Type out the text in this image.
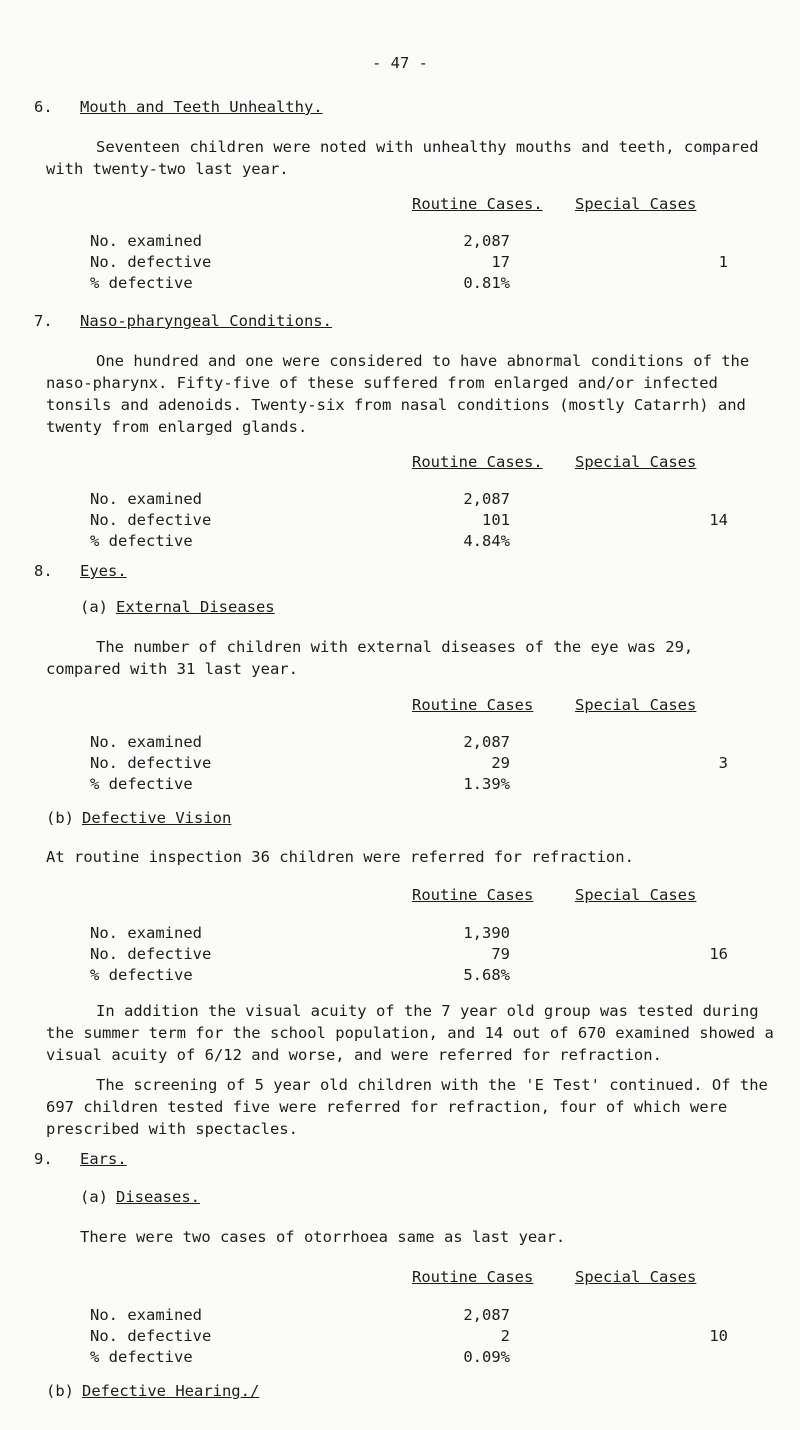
- 47 -
6. Mouth and Teeth Unhealthy.
Seventeen children were noted with unhealthy mouths and teeth, compared with twenty-two last year.
Routine Cases. Special Cases
No. examined	2,087
No. defective	17	1
% defective	0.81%
7. Naso-pharyngeal Conditions.
One hundred and one were considered to have abnormal conditions of the naso-pharynx. Fifty-five of these suffered from enlarged and/or infected tonsils and adenoids. Twenty-six from nasal conditions (mostly Catarrh) and twenty from enlarged glands.
Routine Cases. Special Cases
No. examined	2,087
No. defective	101	14
% defective	4.84%
8. Eyes.
(a) External Diseases
The number of children with external diseases of the eye was 29, compared with 31 last year.
Routine Cases	Special Cases
No. examined	2,087
No. defective	29	3
% defective	1.39%
(b) Defective Vision
At routine inspection 36 children were referred for refraction.
Routine Cases	Special Cases
No. examined	1,390
No. defective	79	16
% defective	5.68%
In addition the visual acuity of the 7 year old group was tested during the summer term for the school population, and 14 out of 670 examined showed a visual acuity of 6/12 and worse, and were referred for refraction.
The screening of 5 year old children with the 'E Test' continued. Of the 697 children tested five were referred for refraction, four of which were prescribed with spectacles.
9. Ears.
(a) Diseases.
There were two cases of otorrhoea same as last year.
Routine Cases	Special Cases
No. examined	2,087
No. defective	2	10
% defective	0.09%
(b) Defective Hearing./
